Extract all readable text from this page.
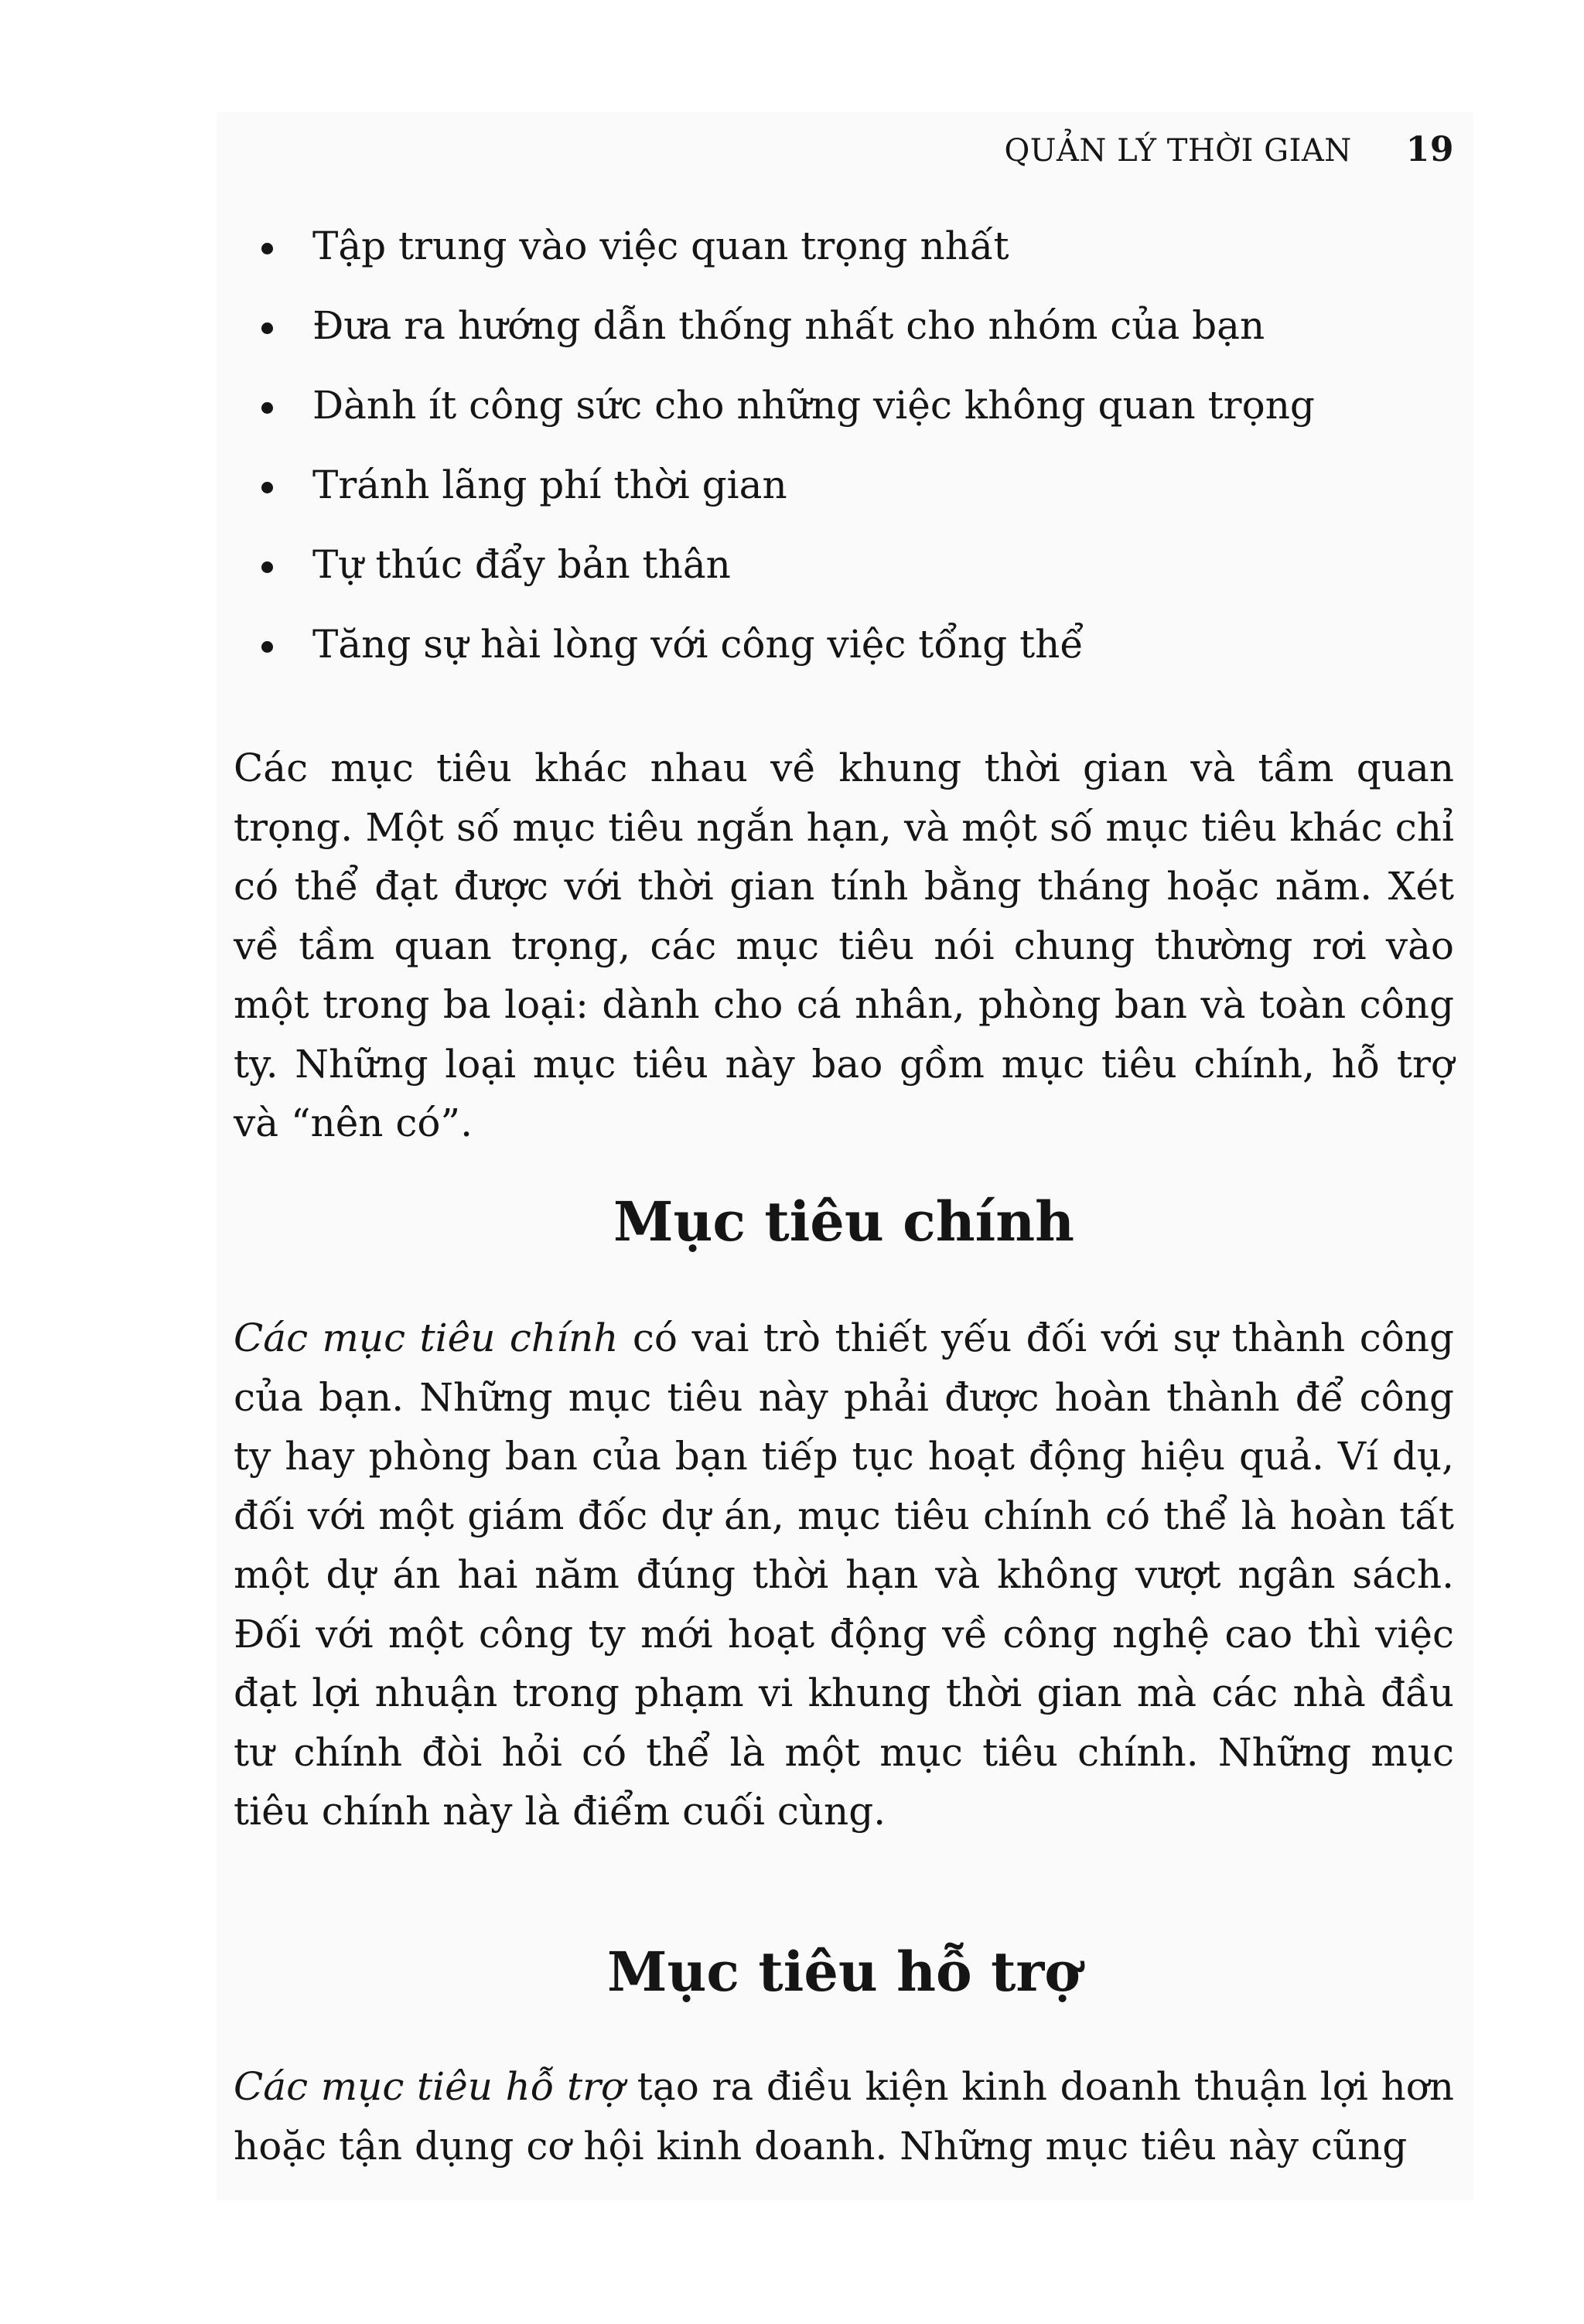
QUẢN LÝ THỜI GIAN 19
Tập trung vào việc quan trọng nhất
Đưa ra hướng dẫn thống nhất cho nhóm của bạn
Dành ít công sức cho những việc không quan trọng
Tránh lãng phí thời gian
Tự thúc đẩy bản thân
Tăng sự hài lòng với công việc tổng thể

Các mục tiêu khác nhau về khung thời gian và tầm quan trọng. Một số mục tiêu ngắn hạn, và một số mục tiêu khác chỉ có thể đạt được với thời gian tính bằng tháng hoặc năm. Xét về tầm quan trọng, các mục tiêu nói chung thường rơi vào một trong ba loại: dành cho cá nhân, phòng ban và toàn công ty. Những loại mục tiêu này bao gồm mục tiêu chính, hỗ trợ và “nên có”.

Mục tiêu chính

Các mục tiêu chính có vai trò thiết yếu đối với sự thành công của bạn. Những mục tiêu này phải được hoàn thành để công ty hay phòng ban của bạn tiếp tục hoạt động hiệu quả. Ví dụ, đối với một giám đốc dự án, mục tiêu chính có thể là hoàn tất một dự án hai năm đúng thời hạn và không vượt ngân sách. Đối với một công ty mới hoạt động về công nghệ cao thì việc đạt lợi nhuận trong phạm vi khung thời gian mà các nhà đầu tư chính đòi hỏi có thể là một mục tiêu chính. Những mục tiêu chính này là điểm cuối cùng.

Mục tiêu hỗ trợ

Các mục tiêu hỗ trợ tạo ra điều kiện kinh doanh thuận lợi hơn hoặc tận dụng cơ hội kinh doanh. Những mục tiêu này cũng
